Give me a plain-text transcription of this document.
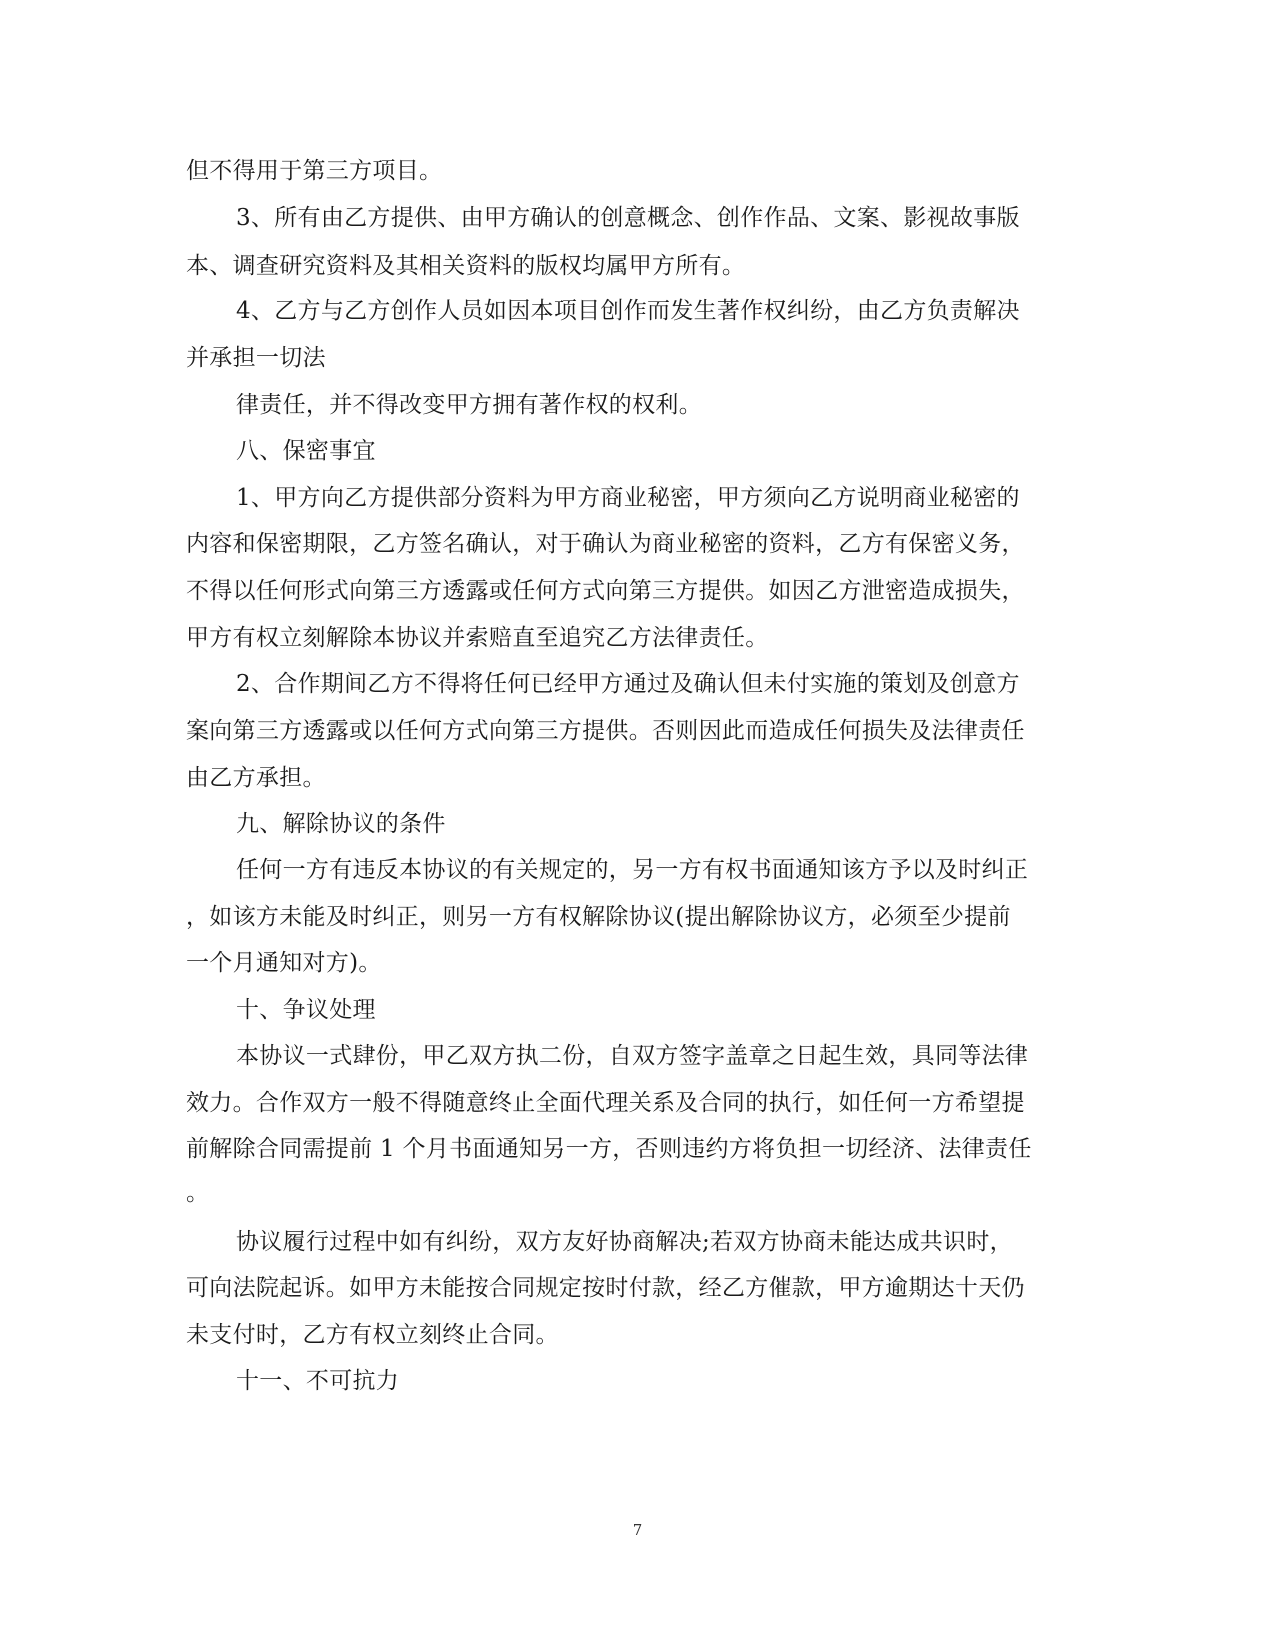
但不得用于第三方项目。
3、所有由乙方提供、由甲方确认的创意概念、创作作品、文案、影视故事版
本、调查研究资料及其相关资料的版权均属甲方所有。
4、乙方与乙方创作人员如因本项目创作而发生著作权纠纷，由乙方负责解决
并承担一切法
律责任，并不得改变甲方拥有著作权的权利。
八、保密事宜
1、甲方向乙方提供部分资料为甲方商业秘密，甲方须向乙方说明商业秘密的
内容和保密期限，乙方签名确认，对于确认为商业秘密的资料，乙方有保密义务，
不得以任何形式向第三方透露或任何方式向第三方提供。如因乙方泄密造成损失，
甲方有权立刻解除本协议并索赔直至追究乙方法律责任。
2、合作期间乙方不得将任何已经甲方通过及确认但未付实施的策划及创意方
案向第三方透露或以任何方式向第三方提供。否则因此而造成任何损失及法律责任
由乙方承担。
九、解除协议的条件
任何一方有违反本协议的有关规定的，另一方有权书面通知该方予以及时纠正
，如该方未能及时纠正，则另一方有权解除协议(提出解除协议方，必须至少提前
一个月通知对方)。
十、争议处理
本协议一式肆份，甲乙双方执二份，自双方签字盖章之日起生效，具同等法律
效力。合作双方一般不得随意终止全面代理关系及合同的执行，如任何一方希望提
前解除合同需提前 1 个月书面通知另一方，否则违约方将负担一切经济、法律责任
。
协议履行过程中如有纠纷，双方友好协商解决;若双方协商未能达成共识时，
可向法院起诉。如甲方未能按合同规定按时付款，经乙方催款，甲方逾期达十天仍
未支付时，乙方有权立刻终止合同。
十一、不可抗力
7
